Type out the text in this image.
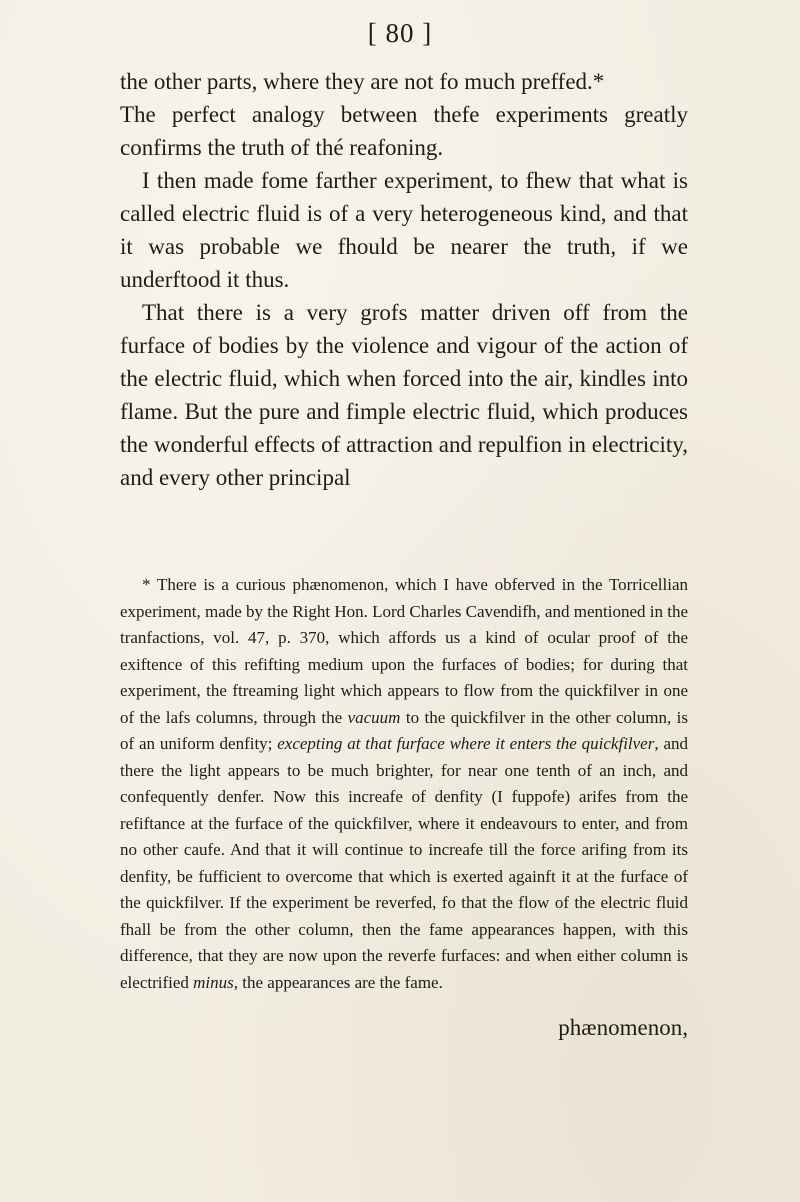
[ 80 ]

the other parts, where they are not fo much preffed.*

The perfect analogy between thefe experiments greatly confirms the truth of thé reafoning.

I then made fome farther experiment, to fhew that what is called electric fluid is of a very heterogeneous kind, and that it was probable we fhould be nearer the truth, if we underftood it thus.

That there is a very grofs matter driven off from the furface of bodies by the violence and vigour of the action of the electric fluid, which when forced into the air, kindles into flame. But the pure and fimple electric fluid, which produces the wonderful effects of attraction and repulfion in electricity, and every other principal

* There is a curious phænomenon, which I have obferved in the Torricellian experiment, made by the Right Hon. Lord Charles Cavendifh, and mentioned in the tranfactions, vol. 47, p. 370, which affords us a kind of ocular proof of the exiftence of this refifting medium upon the furfaces of bodies; for during that experiment, the ftreaming light which appears to flow from the quickfilver in one of the lafs columns, through the vacuum to the quickfilver in the other column, is of an uniform denfity; excepting at that furface where it enters the quickfilver, and there the light appears to be much brighter, for near one tenth of an inch, and confequently denfer. Now this increafe of denfity (I fuppofe) arifes from the refiftance at the furface of the quickfilver, where it endeavours to enter, and from no other caufe. And that it will continue to increafe till the force arifing from its denfity, be fufficient to overcome that which is exerted againft it at the furface of the quickfilver. If the experiment be reverfed, fo that the flow of the electric fluid fhall be from the other column, then the fame appearances happen, with this difference, that they are now upon the reverfe furfaces: and when either column is electrified minus, the appearances are the fame.

phænomenon,
